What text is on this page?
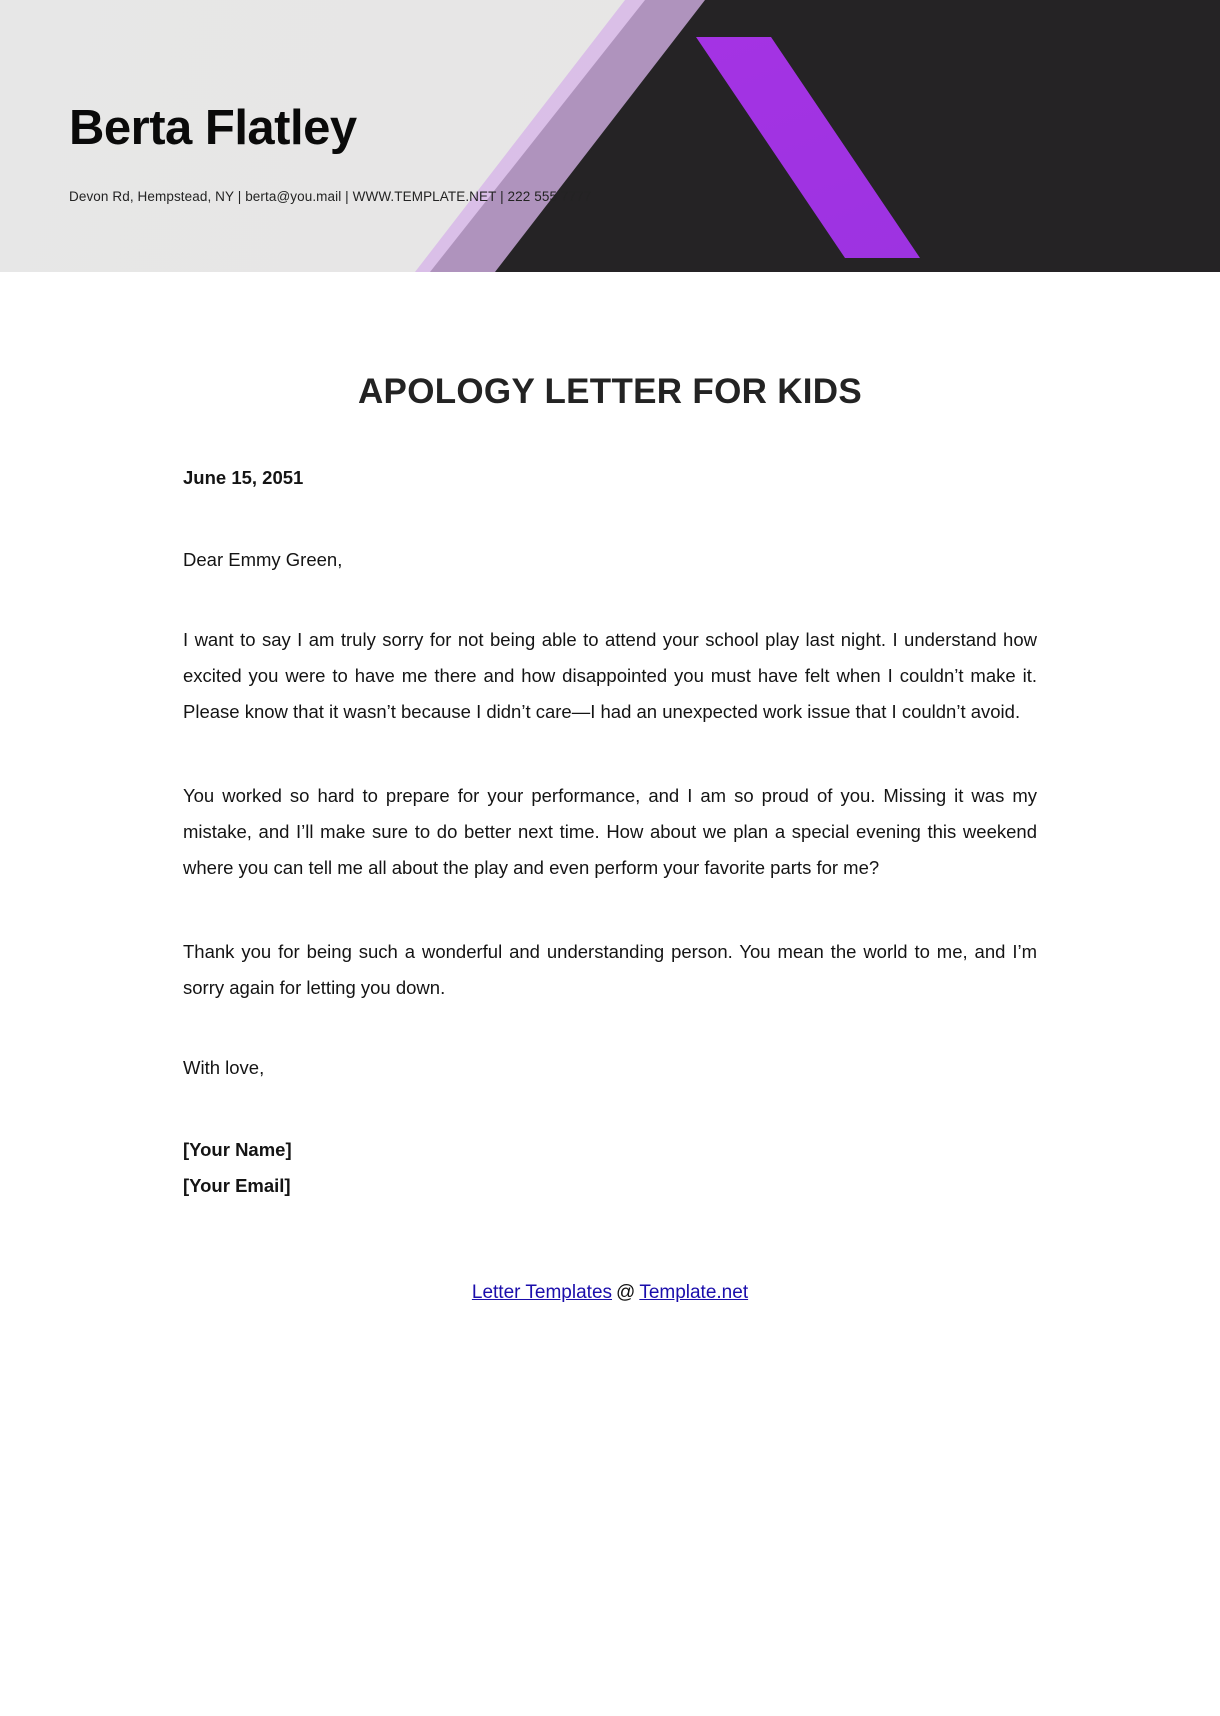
Berta Flatley

Devon Rd, Hempstead, NY | berta@you.mail | WWW.TEMPLATE.NET | 222 555 7777

APOLOGY LETTER FOR KIDS

June 15, 2051

Dear Emmy Green,

I want to say I am truly sorry for not being able to attend your school play last night. I understand how excited you were to have me there and how disappointed you must have felt when I couldn’t make it. Please know that it wasn’t because I didn’t care—I had an unexpected work issue that I couldn’t avoid.

You worked so hard to prepare for your performance, and I am so proud of you. Missing it was my mistake, and I’ll make sure to do better next time. How about we plan a special evening this weekend where you can tell me all about the play and even perform your favorite parts for me?

Thank you for being such a wonderful and understanding person. You mean the world to me, and I’m sorry again for letting you down.

With love,

[Your Name]

[Your Email]

Letter Templates @ Template.net
